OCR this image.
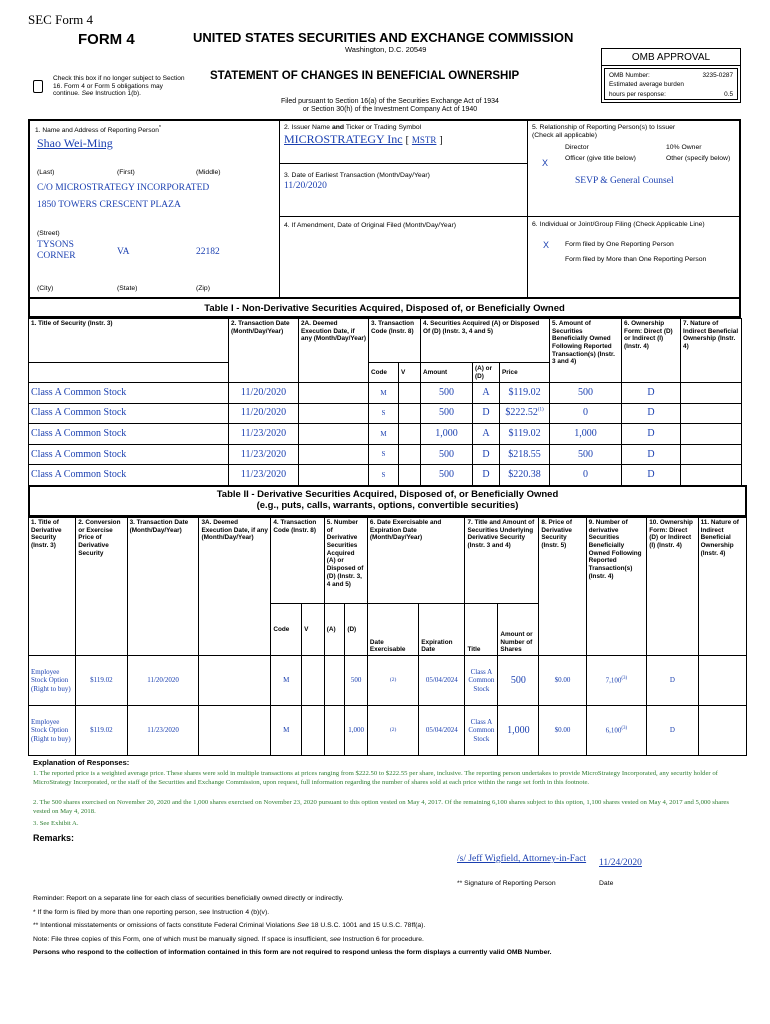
SEC Form 4
FORM 4	UNITED STATES SECURITIES AND EXCHANGE COMMISSION
Washington, D.C. 20549
Check this box if no longer subject to Section 16. Form 4 or Form 5 obligations may continue. See Instruction 1(b).
STATEMENT OF CHANGES IN BENEFICIAL OWNERSHIP
Filed pursuant to Section 16(a) of the Securities Exchange Act of 1934
or Section 30(h) of the Investment Company Act of 1940
OMB APPROVAL
OMB Number:	3235-0287
Estimated average burden
hours per response:	0.5
1. Name and Address of Reporting Person*
Shao Wei-Ming
(Last)	(First)	(Middle)
C/O MICROSTRATEGY INCORPORATED
1850 TOWERS CRESCENT PLAZA
(Street)
TYSONS
CORNER	VA	22182
(City)	(State)	(Zip)
2. Issuer Name and Ticker or Trading Symbol
MICROSTRATEGY Inc [ MSTR ]
3. Date of Earliest Transaction (Month/Day/Year)
11/20/2020
4. If Amendment, Date of Original Filed (Month/Day/Year)
5. Relationship of Reporting Person(s) to Issuer
(Check all applicable)
Director	10% Owner
X Officer (give title below)	Other (specify below)
SEVP & General Counsel
6. Individual or Joint/Group Filing (Check Applicable Line)
X Form filed by One Reporting Person
Form filed by More than One Reporting Person
Table I - Non-Derivative Securities Acquired, Disposed of, or Beneficially Owned
1. Title of Security (Instr. 3)	2. Transaction Date (Month/Day/Year)	2A. Deemed Execution Date, if any (Month/Day/Year)	3. Transaction Code (Instr. 8)		4. Securities Acquired (A) or Disposed Of (D) (Instr. 3, 4 and 5)			5. Amount of Securities Beneficially Owned Following Reported Transaction(s) (Instr. 3 and 4)	6. Ownership Form: Direct (D) or Indirect (I) (Instr. 4)	7. Nature of Indirect Beneficial Ownership (Instr. 4)
			Code	V	Amount	(A) or (D)	Price			
Class A Common Stock	11/20/2020		M		500	A	$119.02	500	D	
Class A Common Stock	11/20/2020		S		500	D	$222.52$^{(1)}$	0	D	
Class A Common Stock	11/23/2020		M		1,000	A	$119.02	1,000	D	
Class A Common Stock	11/23/2020		S		500	D	$218.55	500	D	
Class A Common Stock	11/23/2020		S		500	D	$220.38	0	D	
Table II - Derivative Securities Acquired, Disposed of, or Beneficially Owned
(e.g., puts, calls, warrants, options, convertible securities)
1. Title of Derivative Security (Instr. 3)	2. Conversion or Exercise Price of Derivative Security	3. Transaction Date (Month/Day/Year)	3A. Deemed Execution Date, if any (Month/Day/Year)	4. Transaction Code (Instr. 8)		5. Number of Derivative Securities Acquired (A) or Disposed of (D) (Instr. 3, 4 and 5)		6. Date Exercisable and Expiration Date (Month/Day/Year)		7. Title and Amount of Securities Underlying Derivative Security (Instr. 3 and 4)		8. Price of Derivative Security (Instr. 5)	9. Number of derivative Securities Beneficially Owned Following Reported Transaction(s) (Instr. 4)	10. Ownership Form: Direct (D) or Indirect (I) (Instr. 4)	11. Nature of Indirect Beneficial Ownership (Instr. 4)
				Code	V	(A)	(D)	Date Exercisable	Expiration Date	Title	Amount or Number of Shares				
Employee Stock Option (Right to buy)	$119.02	11/20/2020		M			500	(2)	05/04/2024	Class A Common Stock	500	$0.00	7,100$^{(3)}$	D	
Employee Stock Option (Right to buy)	$119.02	11/23/2020		M			1,000	(2)	05/04/2024	Class A Common Stock	1,000	$0.00	6,100$^{(3)}$	D	
Explanation of Responses:
1. The reported price is a weighted average price. These shares were sold in multiple transactions at prices ranging from $222.50 to $222.55 per share, inclusive. The reporting person undertakes to provide MicroStrategy Incorporated, any security holder of MicroStrategy Incorporated, or the staff of the Securities and Exchange Commission, upon request, full information regarding the number of shares sold at each price within the range set forth in this footnote.
2. The 500 shares exercised on November 20, 2020 and the 1,000 shares exercised on November 23, 2020 pursuant to this option vested on May 4, 2017. Of the remaining 6,100 shares subject to this option, 1,100 shares vested on May 4, 2017 and 5,000 shares vested on May 4, 2018.
3. See Exhibit A.
Remarks:
/s/ Jeff Wigfield, Attorney-in-Fact	11/24/2020
** Signature of Reporting Person	Date
Reminder: Report on a separate line for each class of securities beneficially owned directly or indirectly.
* If the form is filed by more than one reporting person, see Instruction 4 (b)(v).
** Intentional misstatements or omissions of facts constitute Federal Criminal Violations See 18 U.S.C. 1001 and 15 U.S.C. 78ff(a).
Note: File three copies of this Form, one of which must be manually signed. If space is insufficient, see Instruction 6 for procedure.
Persons who respond to the collection of information contained in this form are not required to respond unless the form displays a currently valid OMB Number.
